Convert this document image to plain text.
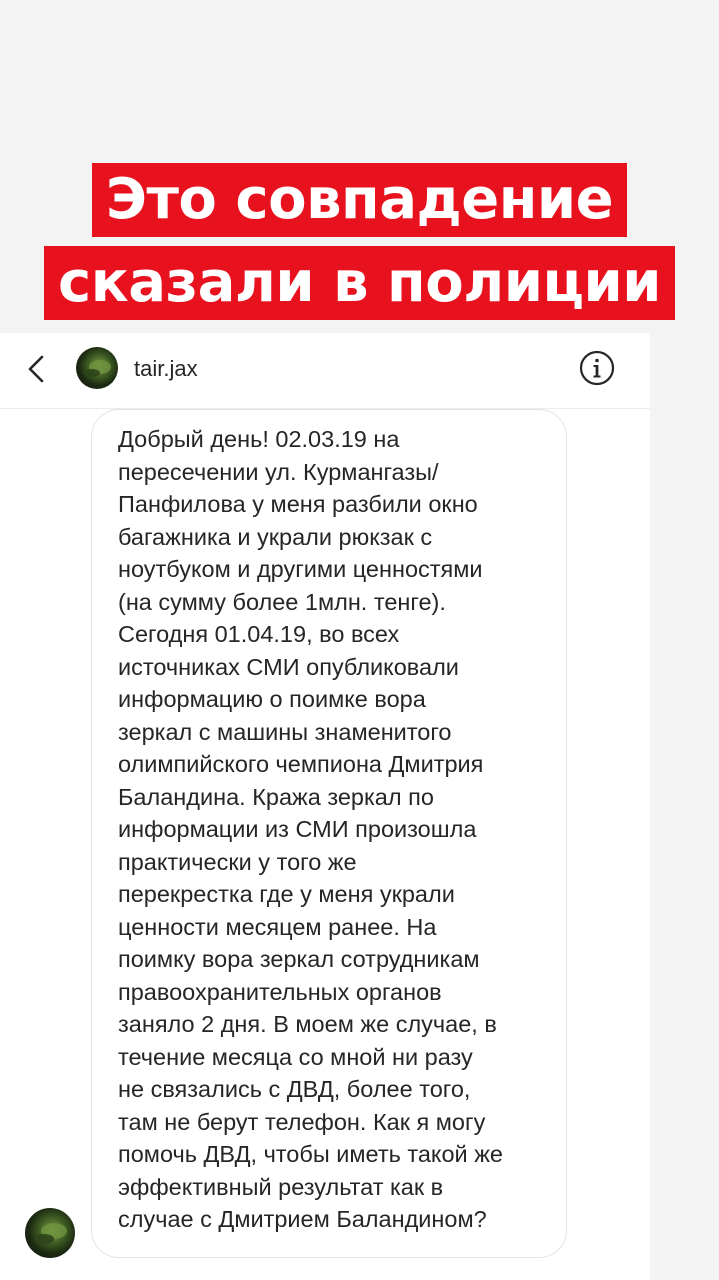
Это совпадение
сказали в полиции
tair.jax

Добрый день! 02.03.19 на
пересечении ул. Курмангазы/
Панфилова у меня разбили окно
багажника и украли рюкзак с
ноутбуком и другими ценностями
(на сумму более 1млн. тенге).
Сегодня 01.04.19, во всех
источниках СМИ опубликовали
информацию о поимке вора
зеркал с машины знаменитого
олимпийского чемпиона Дмитрия
Баландина. Кража зеркал по
информации из СМИ произошла
практически у того же
перекрестка где у меня украли
ценности месяцем ранее. На
поимку вора зеркал сотрудникам
правоохранительных органов
заняло 2 дня. В моем же случае, в
течение месяца со мной ни разу
не связались с ДВД, более того,
там не берут телефон. Как я могу
помочь ДВД, чтобы иметь такой же
эффективный результат как в
случае с Дмитрием Баландином?
